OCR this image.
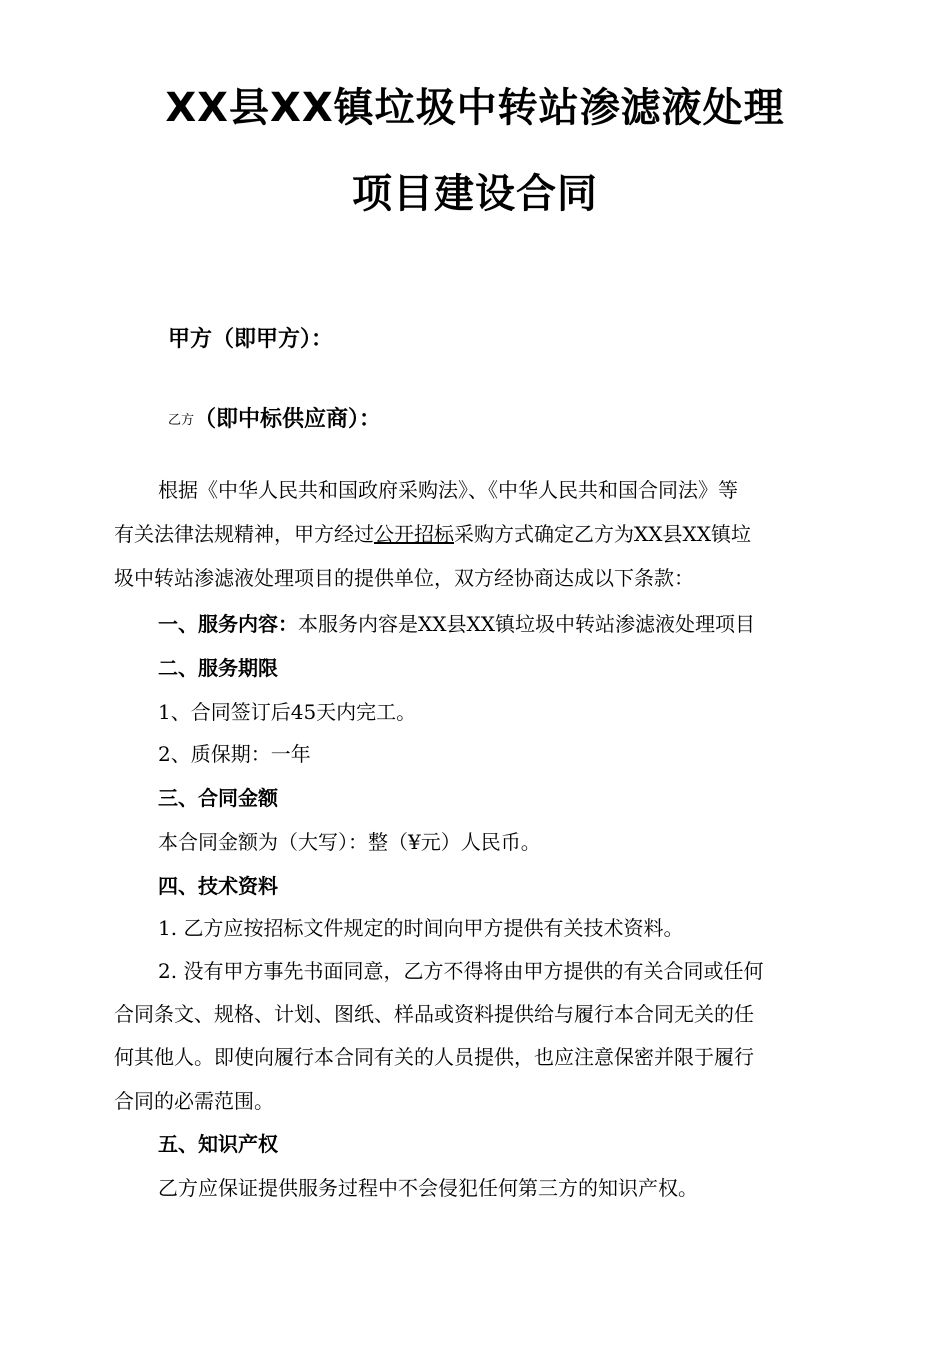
XX县XX镇垃圾中转站渗滤液处理
项目建设合同
甲方（即甲方）：
乙方（即中标供应商）：
根据《中华人民共和国政府采购法》、《中华人民共和国合同法》等
有关法律法规精神，甲方经过公开招标采购方式确定乙方为XX县XX镇垃
圾中转站渗滤液处理项目的提供单位，双方经协商达成以下条款：
一、服务内容：本服务内容是XX县XX镇垃圾中转站渗滤液处理项目
二、服务期限
1、合同签订后45天内完工。
2、质保期：一年
三、合同金额
本合同金额为（大写）：整（¥元）人民币。
四、技术资料
1. 乙方应按招标文件规定的时间向甲方提供有关技术资料。
2. 没有甲方事先书面同意，乙方不得将由甲方提供的有关合同或任何
合同条文、规格、计划、图纸、样品或资料提供给与履行本合同无关的任
何其他人。即使向履行本合同有关的人员提供，也应注意保密并限于履行
合同的必需范围。
五、知识产权
乙方应保证提供服务过程中不会侵犯任何第三方的知识产权。
